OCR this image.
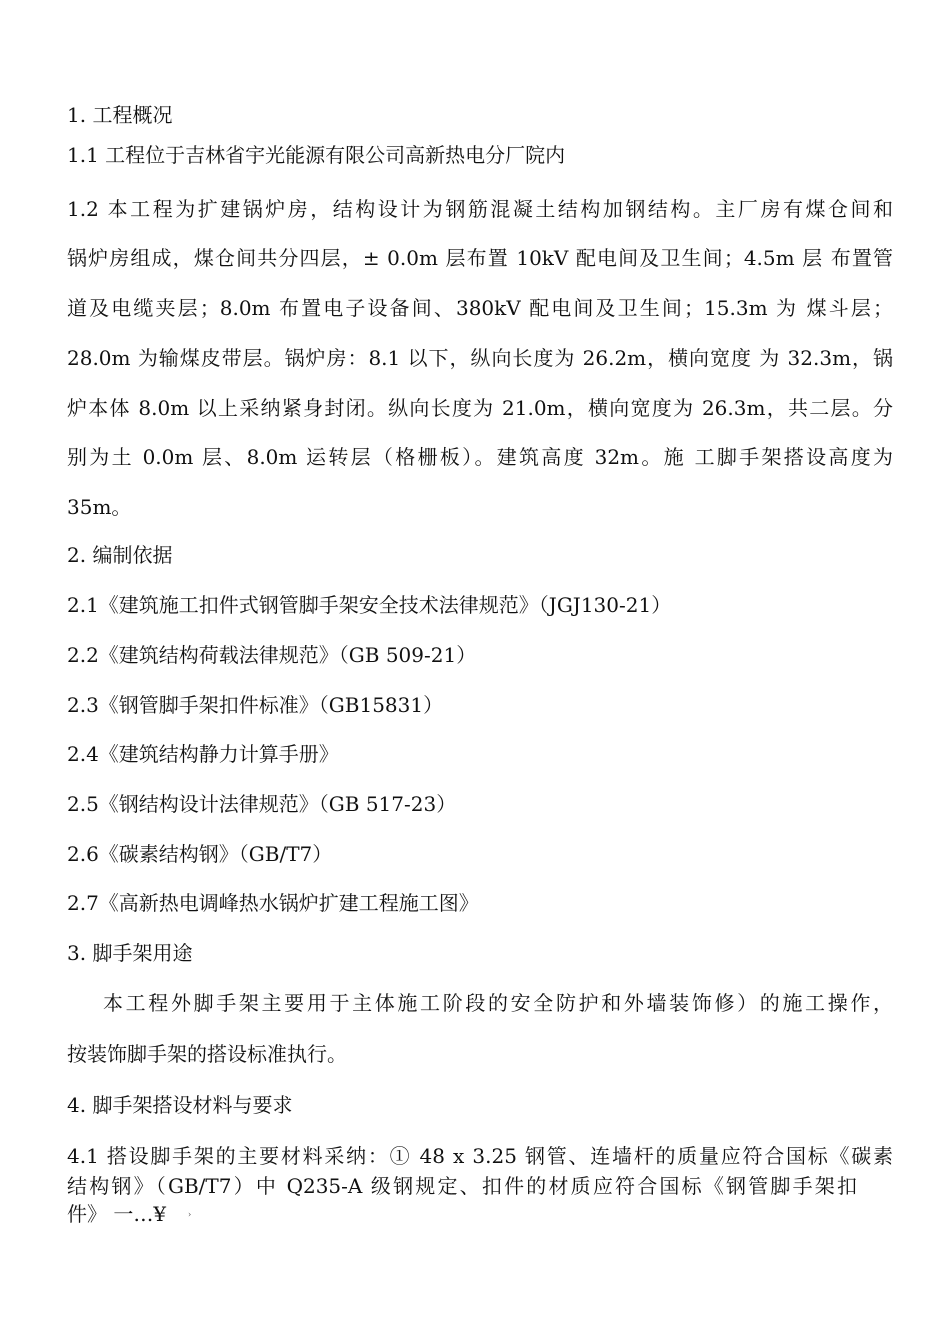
1. 工程概况
1.1 工程位于吉林省宇光能源有限公司高新热电分厂院内
1.2 本工程为扩建锅炉房，结构设计为钢筋混凝土结构加钢结构。主厂房有煤仓间和
锅炉房组成，煤仓间共分四层，± 0.0m 层布置 10kV 配电间及卫生间；4.5m 层 布置管
道及电缆夹层；8.0m 布置电子设备间、380kV 配电间及卫生间；15.3m 为 煤斗层；
28.0m 为输煤皮带层。锅炉房：8.1 以下，纵向长度为 26.2m，横向宽度 为 32.3m，锅
炉本体 8.0m 以上采纳紧身封闭。纵向长度为 21.0m，横向宽度为 26.3m，共二层。分
别为土 0.0m 层、8.0m 运转层（格栅板）。建筑高度 32m。施 工脚手架搭设高度为
35m。
2. 编制依据
2.1《建筑施工扣件式钢管脚手架安全技术法律规范》（JGJ130-21）
2.2《建筑结构荷载法律规范》（GB 509-21）
2.3《钢管脚手架扣件标准》（GB15831）
2.4《建筑结构静力计算手册》
2.5《钢结构设计法律规范》（GB 517-23）
2.6《碳素结构钢》（GB/T7）
2.7《高新热电调峰热水锅炉扩建工程施工图》
3. 脚手架用途
本工程外脚手架主要用于主体施工阶段的安全防护和外墙装饰修）的施工操作，
按装饰脚手架的搭设标准执行。
4. 脚手架搭设材料与要求
4.1 搭设脚手架的主要材料采纳：① 48 x 3.25 钢管、连墙杆的质量应符合国标《碳素
结构钢》（GB/T7）中 Q235-A 级钢规定、扣件的材质应符合国标《钢管脚手架扣
件》 一…¥	›
